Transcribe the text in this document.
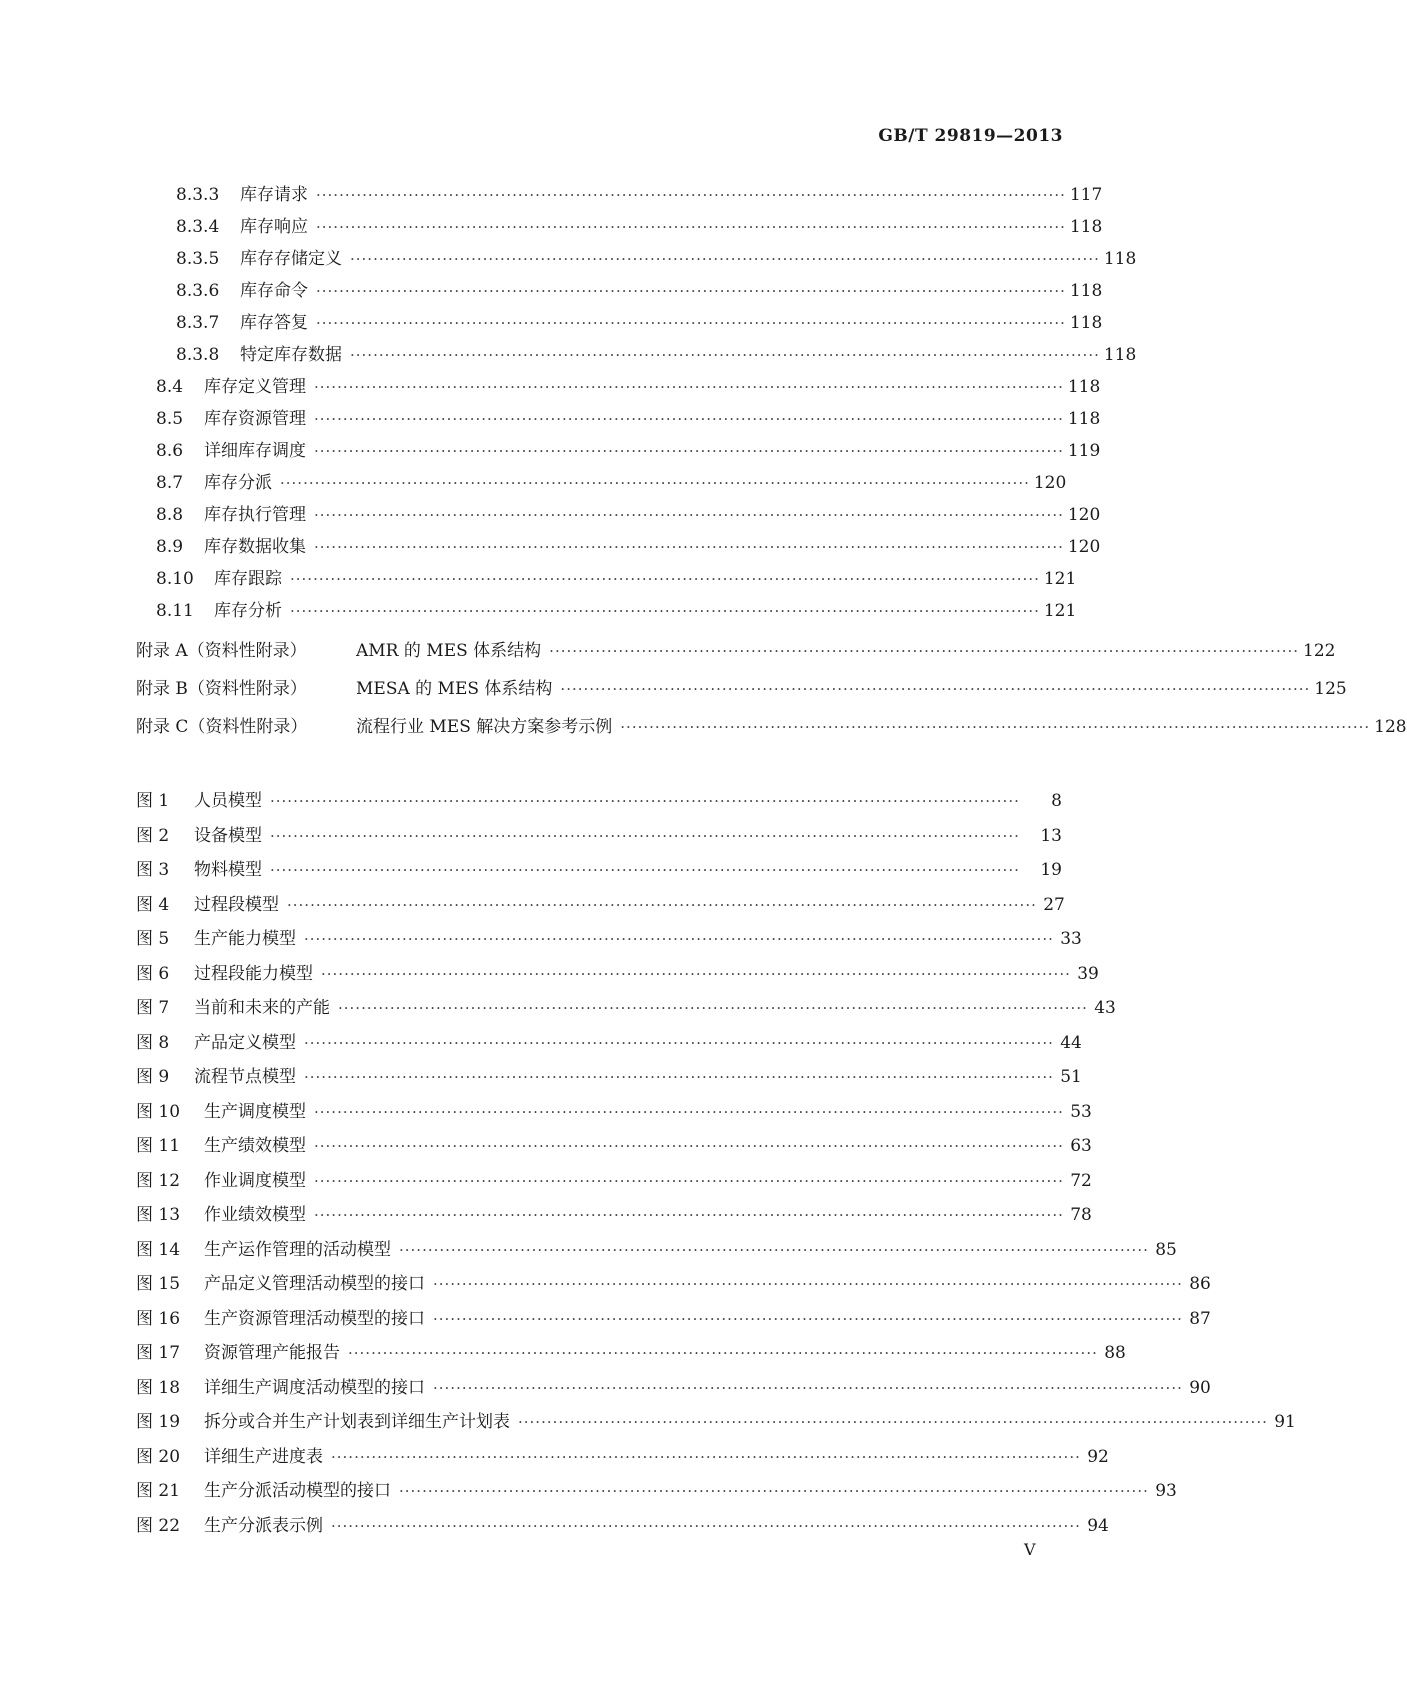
GB/T 29819—2013
8.3.3	库存请求 ·································································································································· 117
8.3.4	库存响应 ·································································································································· 118
8.3.5	库存存储定义 ·································································································································· 118
8.3.6	库存命令 ·································································································································· 118
8.3.7	库存答复 ·································································································································· 118
8.3.8	特定库存数据 ·································································································································· 118
8.4	库存定义管理 ·································································································································· 118
8.5	库存资源管理 ·································································································································· 118
8.6	详细库存调度 ·································································································································· 119
8.7	库存分派 ·································································································································· 120
8.8	库存执行管理 ·································································································································· 120
8.9	库存数据收集 ·································································································································· 120
8.10	库存跟踪 ·································································································································· 121
8.11	库存分析 ·································································································································· 121
附录 A（资料性附录）	AMR 的 MES 体系结构 ·································································································································· 122
附录 B（资料性附录）	MESA 的 MES 体系结构 ·································································································································· 125
附录 C（资料性附录）	流程行业 MES 解决方案参考示例 ·································································································································· 128
图 1	人员模型 ··································································································································	8
图 2	设备模型 ··································································································································	13
图 3	物料模型 ··································································································································	19
图 4	过程段模型 ·································································································································· 27
图 5	生产能力模型 ·································································································································· 33
图 6	过程段能力模型 ·································································································································· 39
图 7	当前和未来的产能 ·································································································································· 43
图 8	产品定义模型 ·································································································································· 44
图 9	流程节点模型 ·································································································································· 51
图 10	生产调度模型 ·································································································································· 53
图 11	生产绩效模型 ·································································································································· 63
图 12	作业调度模型 ·································································································································· 72
图 13	作业绩效模型 ·································································································································· 78
图 14	生产运作管理的活动模型 ·································································································································· 85
图 15	产品定义管理活动模型的接口 ·································································································································· 86
图 16	生产资源管理活动模型的接口 ·································································································································· 87
图 17	资源管理产能报告 ·································································································································· 88
图 18	详细生产调度活动模型的接口 ·································································································································· 90
图 19	拆分或合并生产计划表到详细生产计划表 ·································································································································· 91
图 20	详细生产进度表 ·································································································································· 92
图 21	生产分派活动模型的接口 ·································································································································· 93
图 22	生产分派表示例 ·································································································································· 94
V
